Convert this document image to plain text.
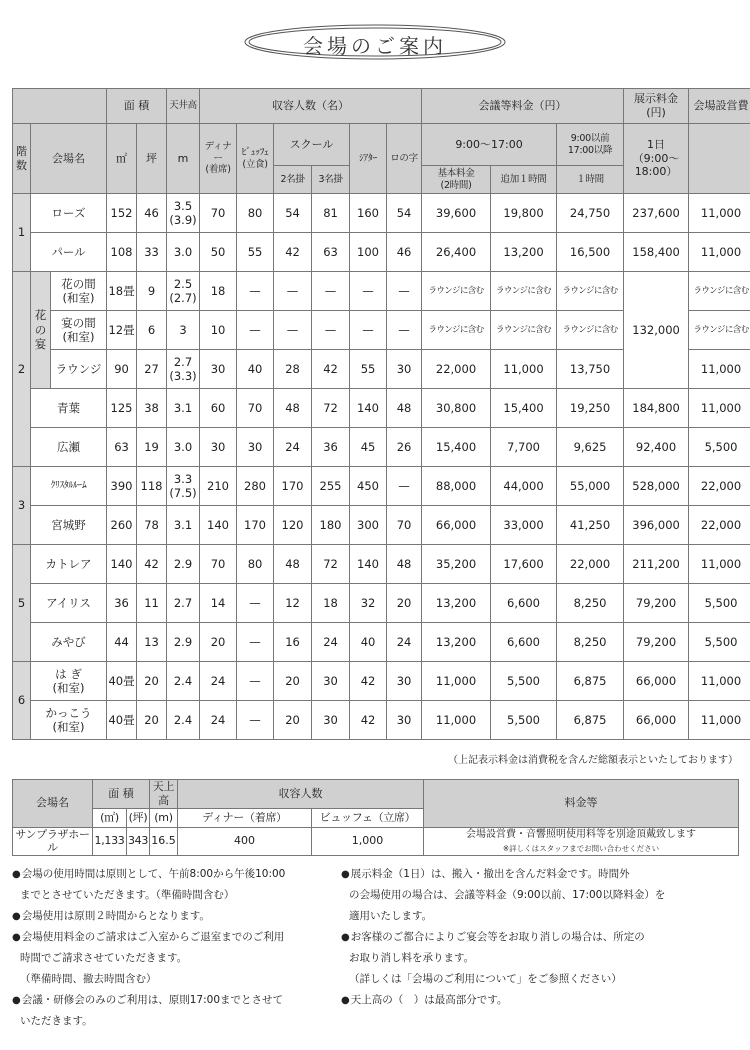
会場のご案内
			面 積		天井高	収容人数（名）						会議等料金（円）			展示料金
(円)	会場設営費
階
数	会場名		㎡	坪	m	ディナー
(着席)	ﾋﾞｭｯﾌｪ
(立食)	スクール		ｼｱﾀｰ	ロの字	9:00〜17:00		9:00以前
17:00以降	1日
（9:00〜
18:00）	
								2名掛	3名掛			基本料金
(2時間)	追加１時間	１時間		
1	ローズ		152	46	3.5
(3.9)	70	80	54	81	160	54	39,600	19,800	24,750	237,600	11,000
	パール		108	33	3.0	50	55	42	63	100	46	26,400	13,200	16,500	158,400	11,000
2	花
の
宴	花の間
(和室)	18畳	9	2.5
(2.7)	18	—	—	—	—	—	ラウンジに含む	ラウンジに含む	ラウンジに含む	132,000	ラウンジに含む
		宴の間
(和室)	12畳	6	3	10	—	—	—	—	—	ラウンジに含む	ラウンジに含む	ラウンジに含む		ラウンジに含む
		ラウンジ	90	27	2.7
(3.3)	30	40	28	42	55	30	22,000	11,000	13,750		11,000
	青葉		125	38	3.1	60	70	48	72	140	48	30,800	15,400	19,250	184,800	11,000
	広瀬		63	19	3.0	30	30	24	36	45	26	15,400	7,700	9,625	92,400	5,500
3	ｸﾘｽﾀﾙﾙｰﾑ		390	118	3.3
(7.5)	210	280	170	255	450	—	88,000	44,000	55,000	528,000	22,000
	宮城野		260	78	3.1	140	170	120	180	300	70	66,000	33,000	41,250	396,000	22,000
5	カトレア		140	42	2.9	70	80	48	72	140	48	35,200	17,600	22,000	211,200	11,000
	アイリス		36	11	2.7	14	—	12	18	32	20	13,200	6,600	8,250	79,200	5,500
	みやび		44	13	2.9	20	—	16	24	40	24	13,200	6,600	8,250	79,200	5,500
6	は ぎ
(和室)		40畳	20	2.4	24	—	20	30	42	30	11,000	5,500	6,875	66,000	11,000
	かっこう
(和室)		40畳	20	2.4	24	—	20	30	42	30	11,000	5,500	6,875	66,000	11,000
（上記表示料金は消費税を含んだ総額表示といたしております）
会場名	面 積		天上高	収容人数		料金等
	(㎡)	(坪)	(m)	ディナー（着席）	ビュッフェ（立席）	
サンプラザホール	1,133	343	16.5	400	1,000	会場設営費・音響照明使用料等を別途頂戴致します
※詳しくはスタッフまでお問い合わせください

● 会場の使用時間は原則として、午前8:00から午後10:00

までとさせていただきます。（準備時間含む）

● 会場使用は原則２時間からとなります。

● 会場使用料金のご請求はご入室からご退室までのご利用

時間でご請求させていただきます。

（準備時間、撤去時間含む）

● 会議・研修会のみのご利用は、原則17:00までとさせて

いただきます。

● 展示料金（1日）は、搬入・撤出を含んだ料金です。時間外

の会場使用の場合は、会議等料金（9:00以前、17:00以降料金）を

適用いたします。

● お客様のご都合によりご宴会等をお取り消しの場合は、所定の

お取り消し料を承ります。

（詳しくは「会場のご利用について」をご参照ください）

● 天上高の（　）は最高部分です。
